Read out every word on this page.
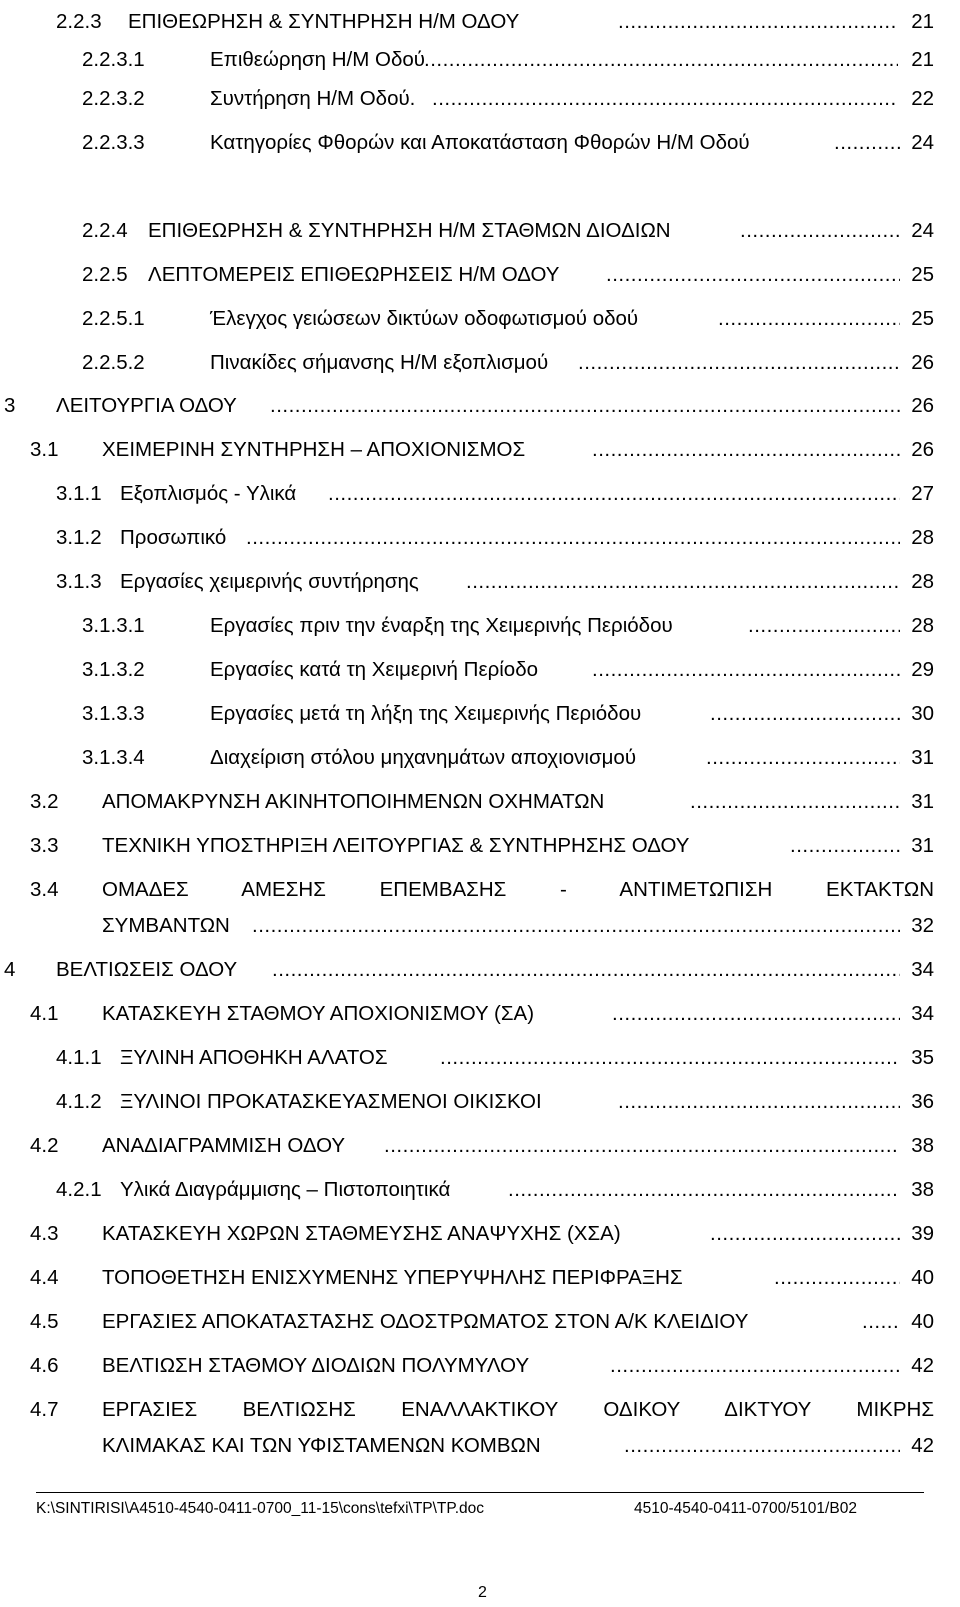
2.2.3 ΕΠΙΘΕΩΡΗΣΗ & ΣΥΝΤΗΡΗΣΗ Η/Μ ΟΔΟΥ .....	21
2.2.3.1	Επιθεώρηση Η/Μ Οδού .....	21
2.2.3.2	Συντήρηση Η/Μ Οδού. .....	22
2.2.3.3	Κατηγορίες Φθορών και Αποκατάσταση Φθορών Η/Μ Οδού .....	24
2.2.4 ΕΠΙΘΕΩΡΗΣΗ & ΣΥΝΤΗΡΗΣΗ Η/Μ ΣΤΑΘΜΩΝ ΔΙΟΔΙΩΝ .....	24
2.2.5 ΛΕΠΤΟΜΕΡΕΙΣ ΕΠΙΘΕΩΡΗΣΕΙΣ Η/Μ ΟΔΟΥ .....	25
2.2.5.1	Έλεγχος γειώσεων δικτύων οδοφωτισμού οδού .....	25
2.2.5.2	Πινακίδες σήμανσης Η/Μ εξοπλισμού .....	26
3 ΛΕΙΤΟΥΡΓΙΑ ΟΔΟΥ .....	26
3.1 ΧΕΙΜΕΡΙΝΗ ΣΥΝΤΗΡΗΣΗ – ΑΠΟΧΙΟΝΙΣΜΟΣ .....	26
3.1.1 Εξοπλισμός - Υλικά .....	27
3.1.2 Προσωπικό .....	28
3.1.3 Εργασίες χειμερινής συντήρησης .....	28
3.1.3.1	Εργασίες πριν την έναρξη της Χειμερινής Περιόδου .....	28
3.1.3.2	Εργασίες κατά τη Χειμερινή Περίοδο .....	29
3.1.3.3	Εργασίες μετά τη λήξη της Χειμερινής Περιόδου .....	30
3.1.3.4	Διαχείριση στόλου μηχανημάτων αποχιονισμού .....	31
3.2 ΑΠΟΜΑΚΡΥΝΣΗ ΑΚΙΝΗΤΟΠΟΙΗΜΕΝΩΝ ΟΧΗΜΑΤΩΝ .....	31
3.3 ΤΕΧΝΙΚΗ ΥΠΟΣΤΗΡΙΞΗ ΛΕΙΤΟΥΡΓΙΑΣ & ΣΥΝΤΗΡΗΣΗΣ ΟΔΟΥ .....	31
3.4 ΟΜΑΔΕΣ ΑΜΕΣΗΣ ΕΠΕΜΒΑΣΗΣ - ΑΝΤΙΜΕΤΩΠΙΣΗ ΕΚΤΑΚΤΩΝ
ΣΥΜΒΑΝΤΩΝ .....	32
4 ΒΕΛΤΙΩΣΕΙΣ ΟΔΟΥ .....	34
4.1 ΚΑΤΑΣΚΕΥΗ ΣΤΑΘΜΟΥ ΑΠΟΧΙΟΝΙΣΜΟΥ (ΣΑ) .....	34
4.1.1 ΞΥΛΙΝΗ ΑΠΟΘΗΚΗ ΑΛΑΤΟΣ .....	35
4.1.2 ΞΥΛΙΝΟΙ ΠΡΟΚΑΤΑΣΚΕΥΑΣΜΕΝΟΙ ΟΙΚΙΣΚΟΙ .....	36
4.2 ΑΝΑΔΙΑΓΡΑΜΜΙΣΗ ΟΔΟΥ .....	38
4.2.1 Υλικά Διαγράμμισης – Πιστοποιητικά .....	38
4.3 ΚΑΤΑΣΚΕΥΗ ΧΩΡΩΝ ΣΤΑΘΜΕΥΣΗΣ ΑΝΑΨΥΧΗΣ (ΧΣΑ) .....	39
4.4 ΤΟΠΟΘΕΤΗΣΗ ΕΝΙΣΧΥΜΕΝΗΣ ΥΠΕΡΥΨΗΛΗΣ ΠΕΡΙΦΡΑΞΗΣ .....	40
4.5 ΕΡΓΑΣΙΕΣ ΑΠΟΚΑΤΑΣΤΑΣΗΣ ΟΔΟΣΤΡΩΜΑΤΟΣ ΣΤΟΝ Α/Κ ΚΛΕΙΔΙΟΥ .....	40
4.6 ΒΕΛΤΙΩΣΗ ΣΤΑΘΜΟΥ ΔΙΟΔΙΩΝ ΠΟΛΥΜΥΛΟΥ .....	42
4.7 ΕΡΓΑΣΙΕΣ ΒΕΛΤΙΩΣΗΣ ΕΝΑΛΛΑΚΤΙΚΟΥ ΟΔΙΚΟΥ ΔΙΚΤΥΟΥ ΜΙΚΡΗΣ
ΚΛΙΜΑΚΑΣ ΚΑΙ ΤΩΝ ΥΦΙΣΤΑΜΕΝΩΝ ΚΟΜΒΩΝ .....	42
K:\SINTIRISI\A4510-4540-0411-0700_11-15\cons\tefxi\TP\TP.doc	4510-4540-0411-0700/5101/B02
2
